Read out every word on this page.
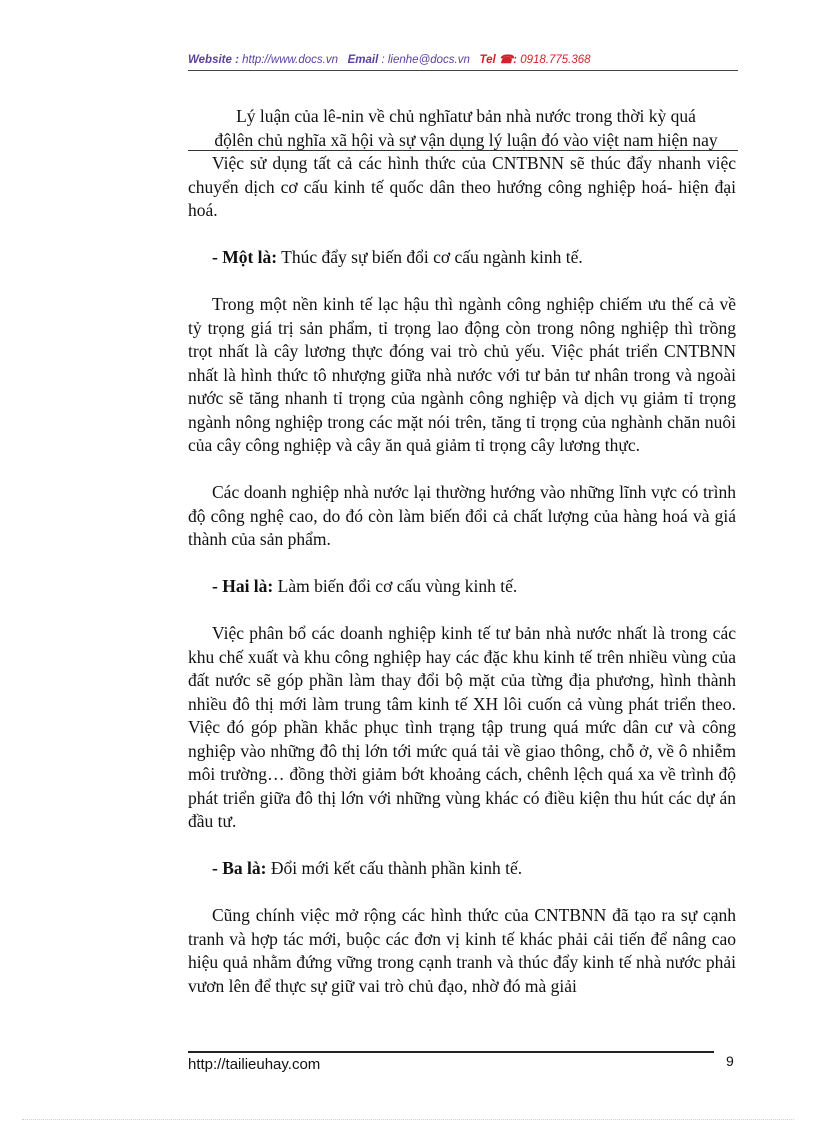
Website : http://www.docs.vn Email : lienhe@docs.vn Tel ☎: 0918.775.368
Lý luận của lê-nin về chủ nghĩatư bản nhà nước trong thời kỳ quá
độlên chủ nghĩa xã hội và sự vận dụng lý luận đó vào việt nam hiện nay

Việc sử dụng tất cả các hình thức của CNTBNN sẽ thúc đẩy nhanh việc chuyển dịch cơ cấu kinh tế quốc dân theo hướng công nghiệp hoá- hiện đại hoá.

- Một là: Thúc đẩy sự biến đổi cơ cấu ngành kinh tế.

Trong một nền kinh tế lạc hậu thì ngành công nghiệp chiếm ưu thế cả về tỷ trọng giá trị sản phẩm, tỉ trọng lao động còn trong nông nghiệp thì trồng trọt nhất là cây lương thực đóng vai trò chủ yếu. Việc phát triển CNTBNN nhất là hình thức tô nhượng giữa nhà nước với tư bản tư nhân trong và ngoài nước sẽ tăng nhanh tỉ trọng của ngành công nghiệp và dịch vụ giảm tỉ trọng ngành nông nghiệp trong các mặt nói trên, tăng tỉ trọng của nghành chăn nuôi của cây công nghiệp và cây ăn quả giảm tỉ trọng cây lương thực.

Các doanh nghiệp nhà nước lại thường hướng vào những lĩnh vực có trình độ công nghệ cao, do đó còn làm biến đổi cả chất lượng của hàng hoá và giá thành của sản phẩm.

- Hai là: Làm biến đổi cơ cấu vùng kinh tế.

Việc phân bổ các doanh nghiệp kinh tế tư bản nhà nước nhất là trong các khu chế xuất và khu công nghiệp hay các đặc khu kinh tế trên nhiều vùng của đất nước sẽ góp phần làm thay đổi bộ mặt của từng địa phương, hình thành nhiều đô thị mới làm trung tâm kinh tế XH lôi cuốn cả vùng phát triển theo. Việc đó góp phần khắc phục tình trạng tập trung quá mức dân cư và công nghiệp vào những đô thị lớn tới mức quá tải về giao thông, chỗ ở, về ô nhiễm môi trường… đồng thời giảm bớt khoảng cách, chênh lệch quá xa về trình độ phát triển giữa đô thị lớn với những vùng khác có điều kiện thu hút các dự án đầu tư.

- Ba là: Đổi mới kết cấu thành phần kinh tế.

Cũng chính việc mở rộng các hình thức của CNTBNN đã tạo ra sự cạnh tranh và hợp tác mới, buộc các đơn vị kinh tế khác phải cải tiến để nâng cao hiệu quả nhằm đứng vững trong cạnh tranh và thúc đẩy kinh tế nhà nước phải vươn lên để thực sự giữ vai trò chủ đạo, nhờ đó mà giải

http://tailieuhay.com	9
